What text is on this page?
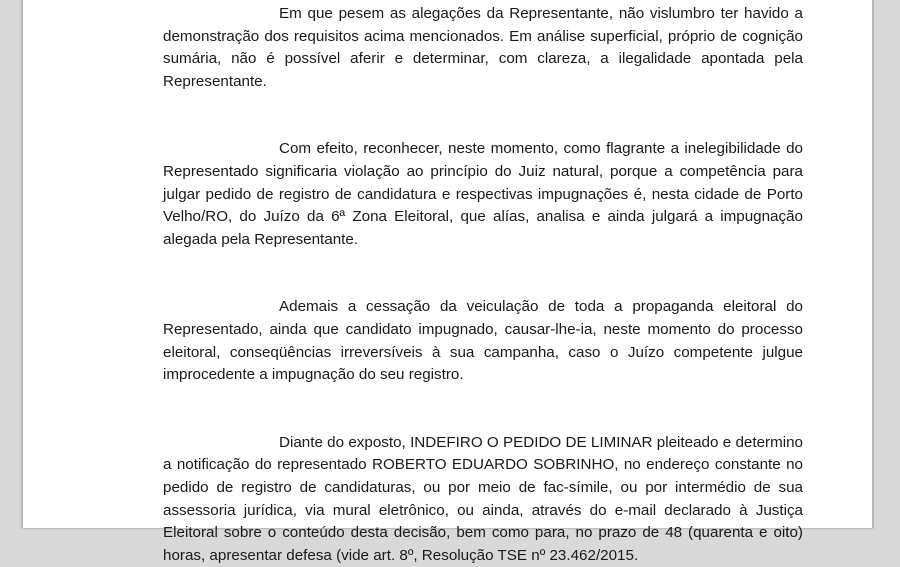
Em que pesem as alegações da Representante, não vislumbro ter havido a demonstração dos requisitos acima mencionados. Em análise superficial, próprio de cognição sumária, não é possível aferir e determinar, com clareza, a ilegalidade apontada pela Representante.

Com efeito, reconhecer, neste momento, como flagrante a inelegibilidade do Representado significaria violação ao princípio do Juiz natural, porque a competência para julgar pedido de registro de candidatura e respectivas impugnações é, nesta cidade de Porto Velho/RO, do Juízo da 6ª Zona Eleitoral, que alías, analisa e ainda julgará a impugnação alegada pela Representante.

Ademais a cessação da veiculação de toda a propaganda eleitoral do Representado, ainda que candidato impugnado, causar-lhe-ia, neste momento do processo eleitoral, conseqüências irreversíveis à sua campanha, caso o Juízo competente julgue improcedente a impugnação do seu registro.

Diante do exposto, INDEFIRO O PEDIDO DE LIMINAR pleiteado e determino a notificação do representado ROBERTO EDUARDO SOBRINHO, no endereço constante no pedido de registro de candidaturas, ou por meio de fac-símile, ou por intermédio de sua assessoria jurídica, via mural eletrônico, ou ainda, através do e-mail declarado à Justiça Eleitoral sobre o conteúdo desta decisão, bem como para, no prazo de 48 (quarenta e oito) horas, apresentar defesa (vide art. 8º, Resolução TSE nº 23.462/2015.
